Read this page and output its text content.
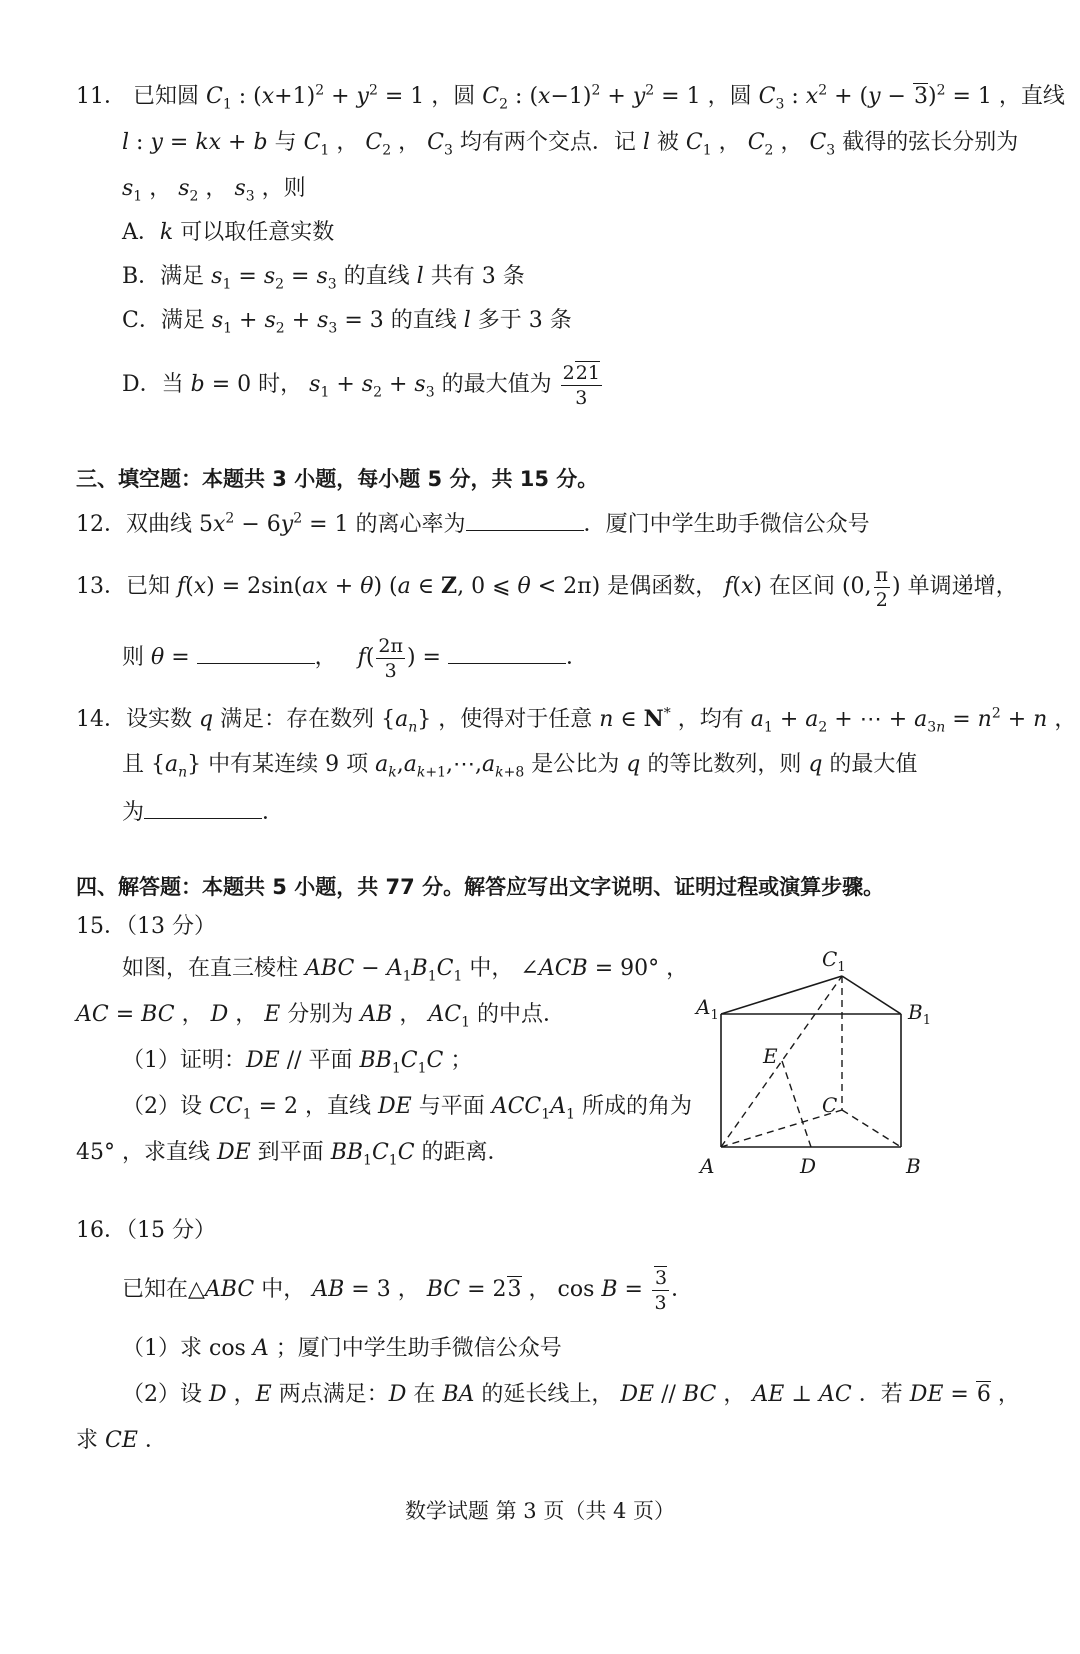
11． 已知圆 $C_1$ : $(x+1)^2 + y^2 = 1$ ，圆 $C_2$ : $(x-1)^2 + y^2 = 1$ ，圆 $C_3$ : $x^2 + (y - 3)^2 = 1$ ，直线
l : y = kx + b 与 $C_1$ ， $C_2$ ， $C_3$ 均有两个交点．记 l 被 $C_1$ ， $C_2$ ， $C_3$ 截得的弦长分别为
$s_1$ ， $s_2$ ， $s_3$ ，则
A．k 可以取任意实数
B．满足 $s_1 = s_2 = s_3$ 的直线 l 共有 3 条
C．满足 $s_1 + s_2 + s_3 = 3$ 的直线 l 多于 3 条
D．当 b = 0 时， $s_1 + s_2 + s_3$ 的最大值为 $\frac{221}{3}$
三、填空题：本题共 3 小题，每小题 5 分，共 15 分。
12．双曲线 $5x^2 - 6y^2 = 1$ 的离心率为	．厦门中学生助手微信公众号
13．已知 f(x) = 2sin(ax + θ) (a ∈ Z, 0 ⩽ θ < 2π) 是偶函数， f(x) 在区间 (0, $\frac{\pi}{2}$ ) 单调递增，
则 θ =	，   $f( \frac{2\pi}{3}$ ) =	．
14．设实数 q 满足：存在数列 $\{a_n\}$ ，使得对于任意 n ∈ N* ，均有 $a_1 + a_2$ + ⋯ + $a_{3n} = n^2 + n$ ，
且 $\{a_n\}$ 中有某连续 9 项 $a_k,a_{k+1},\cdots,a_{k+8}$ 是公比为 q 的等比数列，则 q 的最大值
为	．
四、解答题：本题共 5 小题，共 77 分。解答应写出文字说明、证明过程或演算步骤。
15．（13 分）
如图，在直三棱柱 ABC − $A_1B_1C_1$ 中， ∠ACB = 90° ，
AC = BC ， D ， E 分别为 AB ， $AC_1$ 的中点．
（1）证明：DE // 平面 $BB_1C_1C$ ；
（2）设 $CC_1 = 2$ ，直线 DE 与平面 $ACC_1A_1$ 所成的角为
45° ，求直线 DE 到平面 $BB_1C_1C$ 的距离．
$C_1$
$A_1$	$B_1$
E
C
A	D	B
16．（15 分）
已知在△ABC 中， AB = 3 ， BC = 23 ， $\cos B = \frac{3}{3}$ ．
（1）求 cos A ；厦门中学生助手微信公众号
（2）设 D ，E 两点满足：D 在 BA 的延长线上， DE // BC ， AE ⊥ AC ．若 DE = 6 ，
求 CE ．
数学试题 第 3 页（共 4 页）
